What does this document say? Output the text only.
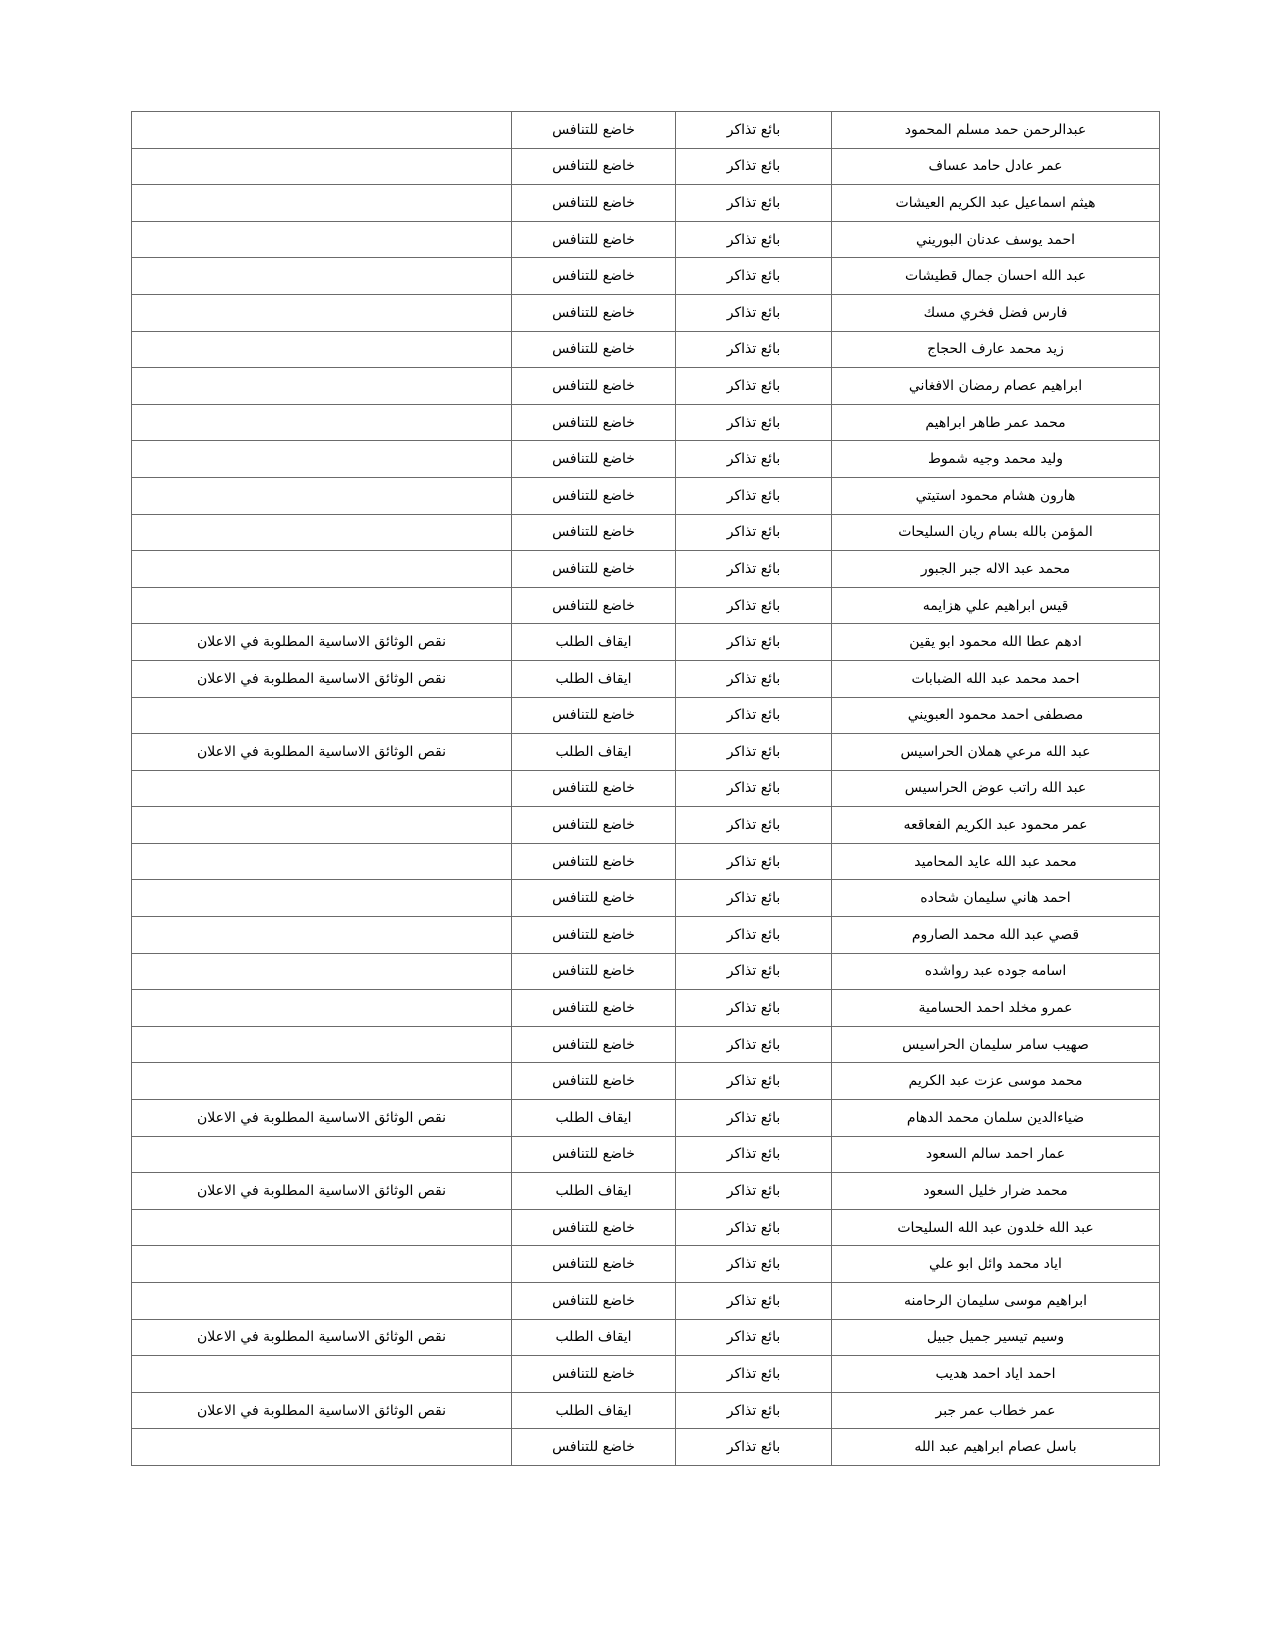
عبدالرحمن حمد مسلم المحمود	بائع تذاكر	خاضع للتنافس	
عمر عادل حامد عساف	بائع تذاكر	خاضع للتنافس	
هيثم اسماعيل عبد الكريم العيشات	بائع تذاكر	خاضع للتنافس	
احمد يوسف عدنان البوريني	بائع تذاكر	خاضع للتنافس	
عبد الله احسان جمال قطيشات	بائع تذاكر	خاضع للتنافس	
فارس فضل فخري مسك	بائع تذاكر	خاضع للتنافس	
زيد محمد عارف الحجاج	بائع تذاكر	خاضع للتنافس	
ابراهيم عصام رمضان الافغاني	بائع تذاكر	خاضع للتنافس	
محمد عمر طاهر ابراهيم	بائع تذاكر	خاضع للتنافس	
وليد محمد وجيه شموط	بائع تذاكر	خاضع للتنافس	
هارون هشام محمود استيتي	بائع تذاكر	خاضع للتنافس	
المؤمن بالله بسام ريان السليحات	بائع تذاكر	خاضع للتنافس	
محمد عبد الاله جبر الجبور	بائع تذاكر	خاضع للتنافس	
قيس ابراهيم علي هزايمه	بائع تذاكر	خاضع للتنافس	
ادهم عطا الله محمود ابو يقين	بائع تذاكر	ايقاف الطلب	نقص الوثائق الاساسية المطلوبة في الاعلان
احمد محمد عبد الله الضبابات	بائع تذاكر	ايقاف الطلب	نقص الوثائق الاساسية المطلوبة في الاعلان
مصطفى احمد محمود العبويني	بائع تذاكر	خاضع للتنافس	
عبد الله مرعي هملان الحراسيس	بائع تذاكر	ايقاف الطلب	نقص الوثائق الاساسية المطلوبة في الاعلان
عبد الله راتب عوض الحراسيس	بائع تذاكر	خاضع للتنافس	
عمر محمود عبد الكريم الفعاقعه	بائع تذاكر	خاضع للتنافس	
محمد عبد الله عايد المحاميد	بائع تذاكر	خاضع للتنافس	
احمد هاني سليمان شحاده	بائع تذاكر	خاضع للتنافس	
قصي عبد الله محمد الصاروم	بائع تذاكر	خاضع للتنافس	
اسامه جوده عبد رواشده	بائع تذاكر	خاضع للتنافس	
عمرو مخلد احمد الحسامية	بائع تذاكر	خاضع للتنافس	
صهيب سامر سليمان الحراسيس	بائع تذاكر	خاضع للتنافس	
محمد موسى عزت عبد الكريم	بائع تذاكر	خاضع للتنافس	
ضياءالدين سلمان محمد الدهام	بائع تذاكر	ايقاف الطلب	نقص الوثائق الاساسية المطلوبة في الاعلان
عمار احمد سالم السعود	بائع تذاكر	خاضع للتنافس	
محمد ضرار خليل السعود	بائع تذاكر	ايقاف الطلب	نقص الوثائق الاساسية المطلوبة في الاعلان
عبد الله خلدون عبد الله السليحات	بائع تذاكر	خاضع للتنافس	
اياد محمد وائل ابو علي	بائع تذاكر	خاضع للتنافس	
ابراهيم موسى سليمان الرحامنه	بائع تذاكر	خاضع للتنافس	
وسيم تيسير جميل جبيل	بائع تذاكر	ايقاف الطلب	نقص الوثائق الاساسية المطلوبة في الاعلان
احمد اياد احمد هديب	بائع تذاكر	خاضع للتنافس	
عمر خطاب عمر جبر	بائع تذاكر	ايقاف الطلب	نقص الوثائق الاساسية المطلوبة في الاعلان
باسل عصام ابراهيم عبد الله	بائع تذاكر	خاضع للتنافس	
